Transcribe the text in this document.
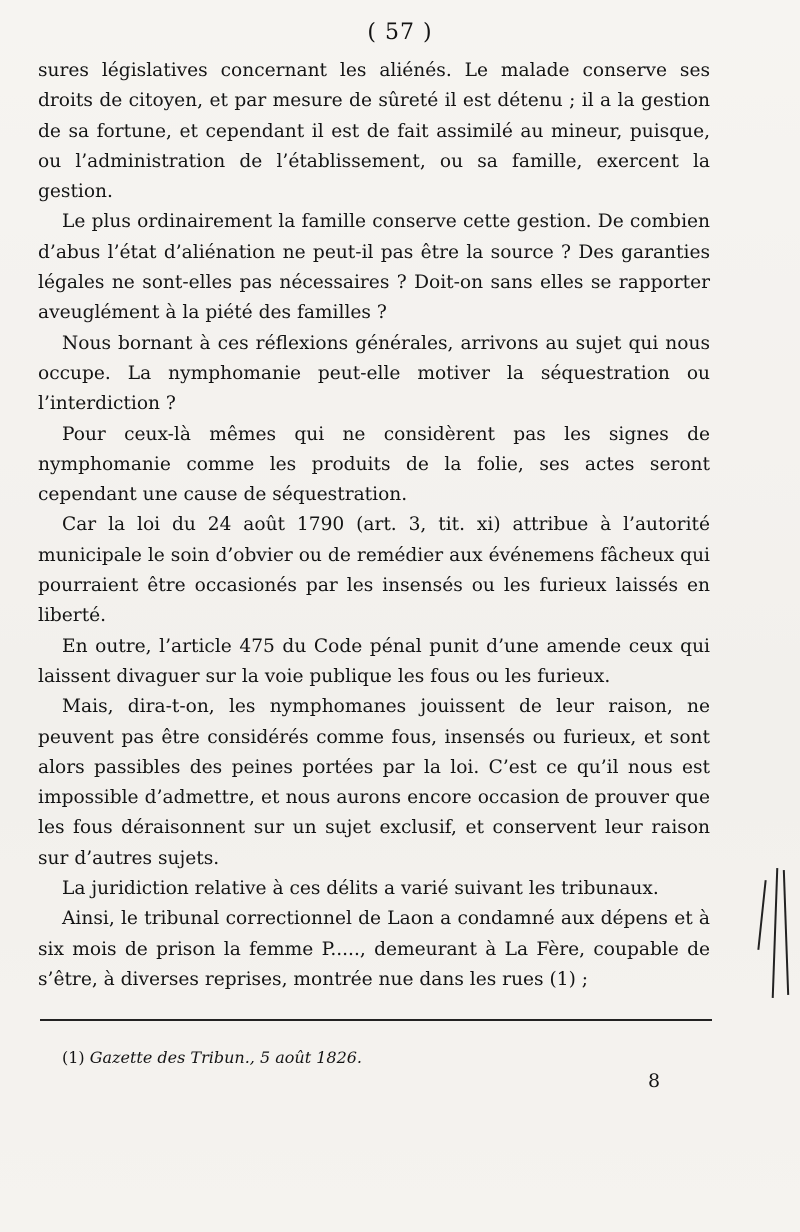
( 57 )

sures législatives concernant les aliénés. Le malade conserve ses droits de citoyen, et par mesure de sûreté il est détenu ; il a la gestion de sa fortune, et cependant il est de fait assimilé au mineur, puisque, ou l’administration de l’établissement, ou sa famille, exercent la gestion.

Le plus ordinairement la famille conserve cette gestion. De combien d’abus l’état d’aliénation ne peut-il pas être la source ? Des garanties légales ne sont-elles pas nécessaires ? Doit-on sans elles se rapporter aveuglément à la piété des familles ?

Nous bornant à ces réflexions générales, arrivons au sujet qui nous occupe. La nymphomanie peut-elle motiver la séquestration ou l’interdiction ?

Pour ceux-là mêmes qui ne considèrent pas les signes de nymphomanie comme les produits de la folie, ses actes seront cependant une cause de séquestration.

Car la loi du 24 août 1790 (art. 3, tit. xi) attribue à l’autorité municipale le soin d’obvier ou de remédier aux événemens fâcheux qui pourraient être occasionés par les insensés ou les furieux laissés en liberté.

En outre, l’article 475 du Code pénal punit d’une amende ceux qui laissent divaguer sur la voie publique les fous ou les furieux.

Mais, dira-t-on, les nymphomanes jouissent de leur raison, ne peuvent pas être considérés comme fous, insensés ou furieux, et sont alors passibles des peines portées par la loi. C’est ce qu’il nous est impossible d’admettre, et nous aurons encore occasion de prouver que les fous déraisonnent sur un sujet exclusif, et conservent leur raison sur d’autres sujets.

La juridiction relative à ces délits a varié suivant les tribunaux.

Ainsi, le tribunal correctionnel de Laon a condamné aux dépens et à six mois de prison la femme P....., demeurant à La Fère, coupable de s’être, à diverses reprises, montrée nue dans les rues (1) ;

(1) Gazette des Tribun., 5 août 1826.
8
